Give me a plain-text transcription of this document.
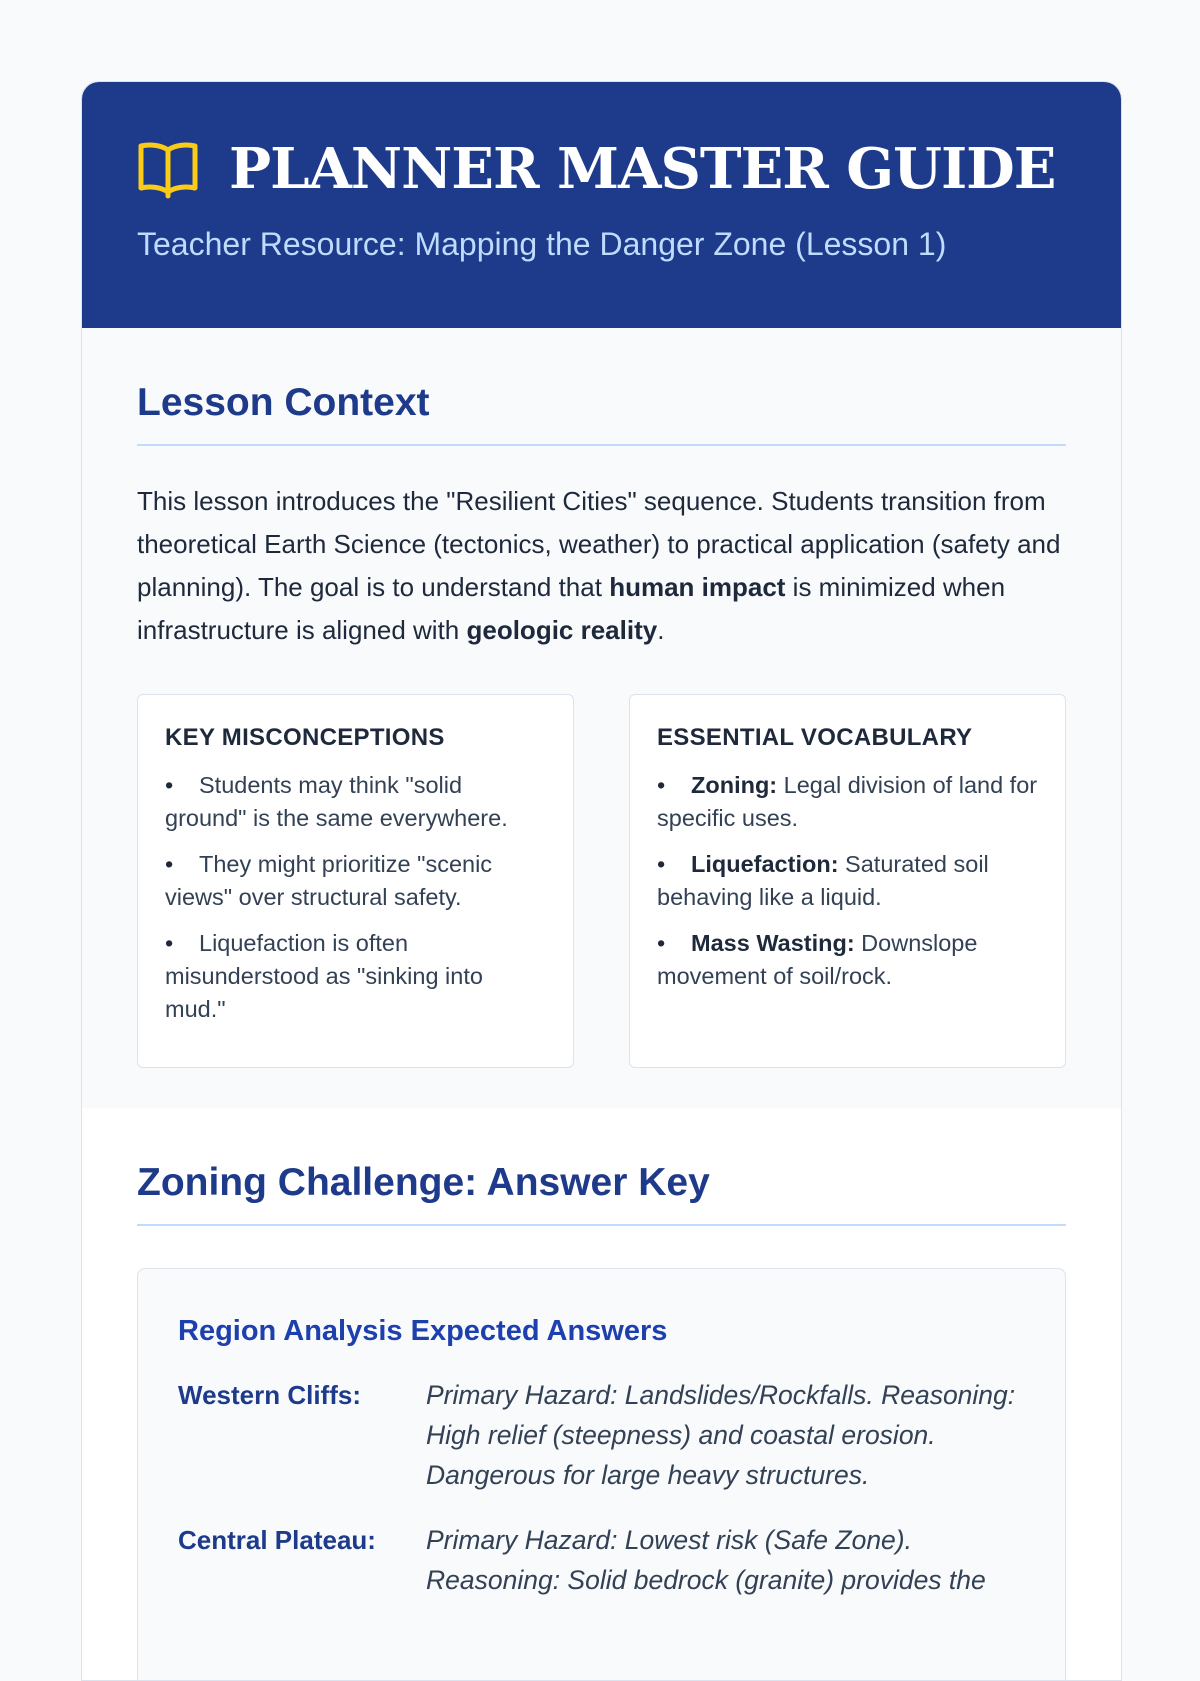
PLANNER MASTER GUIDE
Teacher Resource: Mapping the Danger Zone (Lesson 1)
Lesson Context

This lesson introduces the "Resilient Cities" sequence. Students transition from theoretical Earth Science (tectonics, weather) to practical application (safety and planning). The goal is to understand that human impact is minimized when infrastructure is aligned with geologic reality.

KEY MISCONCEPTIONS
• Students may think "solid ground" is the same everywhere.
• They might prioritize "scenic views" over structural safety.
• Liquefaction is often misunderstood as "sinking into mud."
ESSENTIAL VOCABULARY
• Zoning: Legal division of land for specific uses.
• Liquefaction: Saturated soil behaving like a liquid.
• Mass Wasting: Downslope movement of soil/rock.
Zoning Challenge: Answer Key
Region Analysis Expected Answers
Western Cliffs:	Primary Hazard: Landslides/Rockfalls. Reasoning: High relief (steepness) and coastal erosion. Dangerous for large heavy structures.
Central Plateau:	Primary Hazard: Lowest risk (Safe Zone). Reasoning: Solid bedrock (granite) provides the
